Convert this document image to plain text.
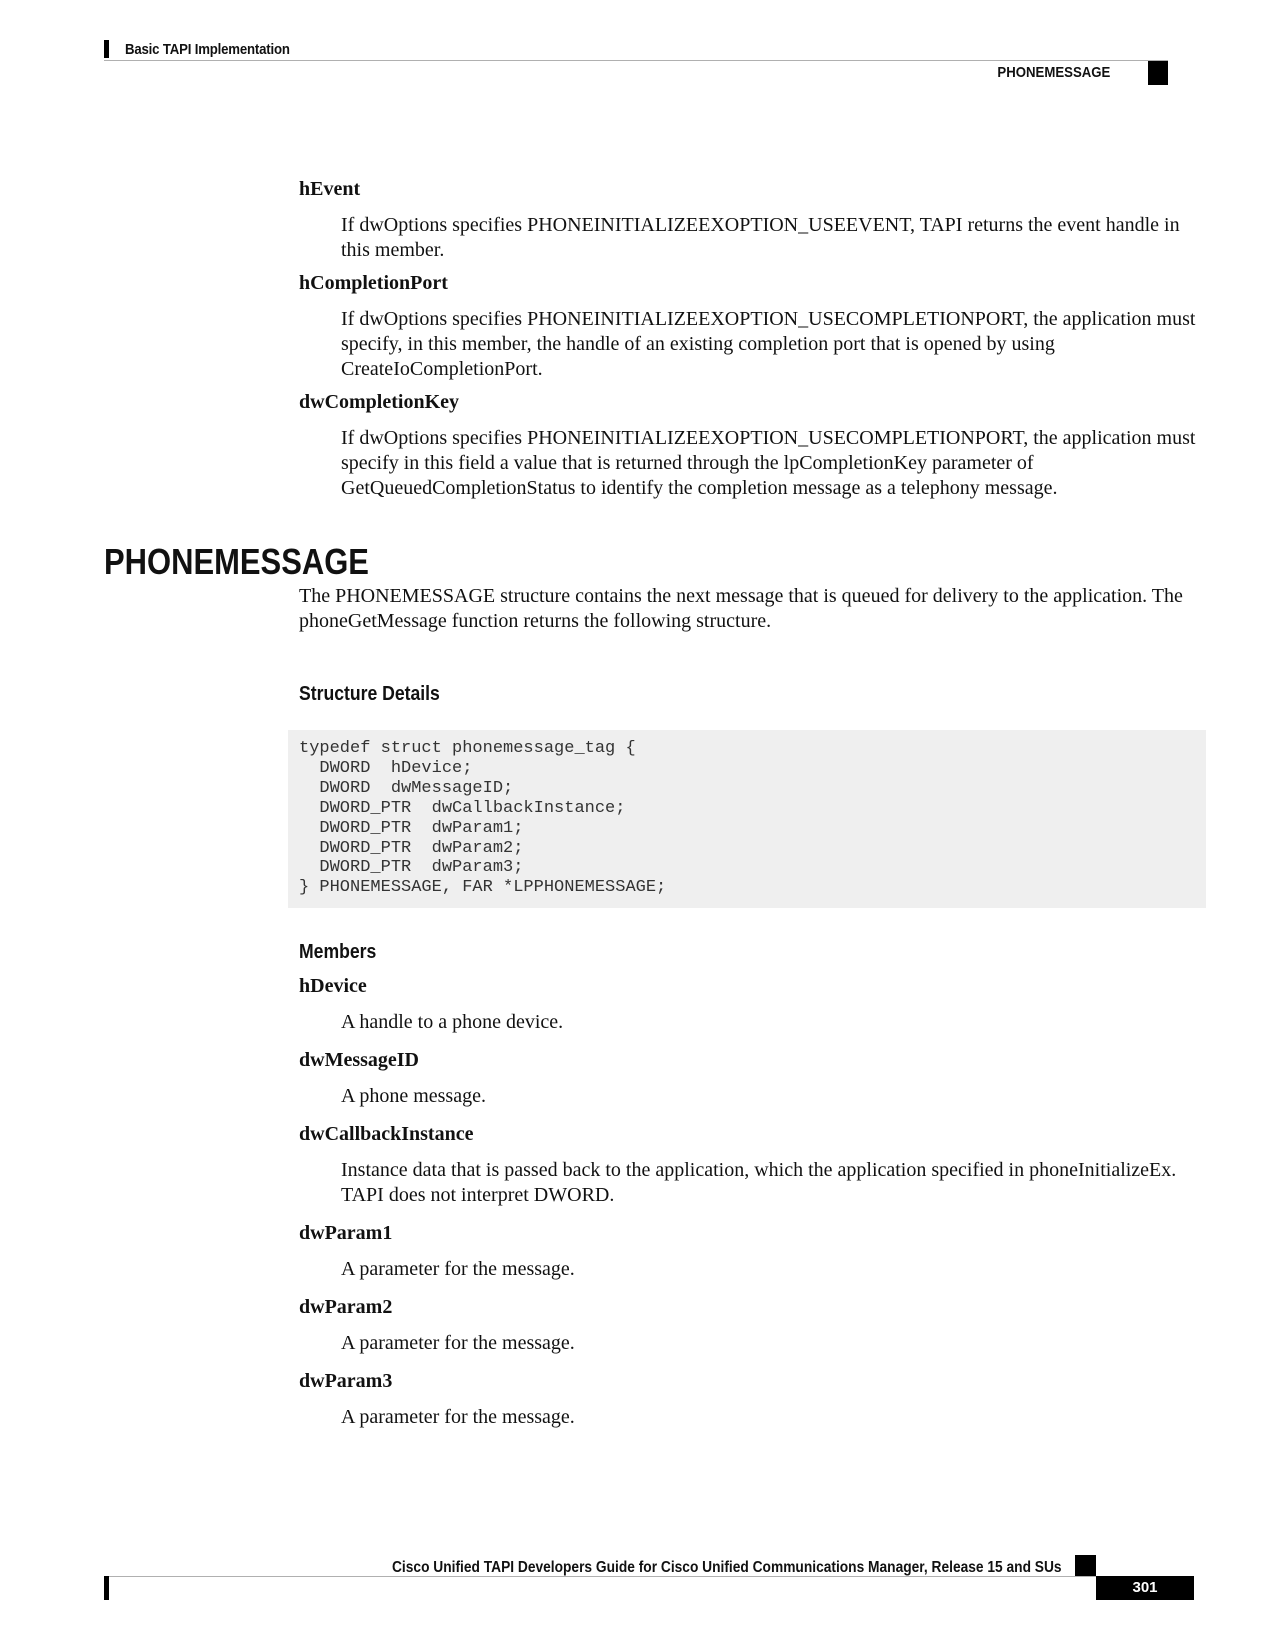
Basic TAPI Implementation
PHONEMESSAGE
hEvent
If dwOptions specifies PHONEINITIALIZEEXOPTION_USEEVENT, TAPI returns the event handle in this member.
hCompletionPort
If dwOptions specifies PHONEINITIALIZEEXOPTION_USECOMPLETIONPORT, the application must specify, in this member, the handle of an existing completion port that is opened by using CreateIoCompletionPort.
dwCompletionKey
If dwOptions specifies PHONEINITIALIZEEXOPTION_USECOMPLETIONPORT, the application must specify in this field a value that is returned through the lpCompletionKey parameter of GetQueuedCompletionStatus to identify the completion message as a telephony message.
PHONEMESSAGE
The PHONEMESSAGE structure contains the next message that is queued for delivery to the application. The phoneGetMessage function returns the following structure.
Structure Details
typedef struct phonemessage_tag {
DWORD  hDevice;
DWORD  dwMessageID;
DWORD_PTR  dwCallbackInstance;
DWORD_PTR  dwParam1;
DWORD_PTR  dwParam2;
DWORD_PTR  dwParam3;
} PHONEMESSAGE, FAR *LPPHONEMESSAGE;
Members
hDevice
A handle to a phone device.
dwMessageID
A phone message.
dwCallbackInstance
Instance data that is passed back to the application, which the application specified in phoneInitializeEx. TAPI does not interpret DWORD.
dwParam1
A parameter for the message.
dwParam2
A parameter for the message.
dwParam3
A parameter for the message.
Cisco Unified TAPI Developers Guide for Cisco Unified Communications Manager, Release 15 and SUs
301
